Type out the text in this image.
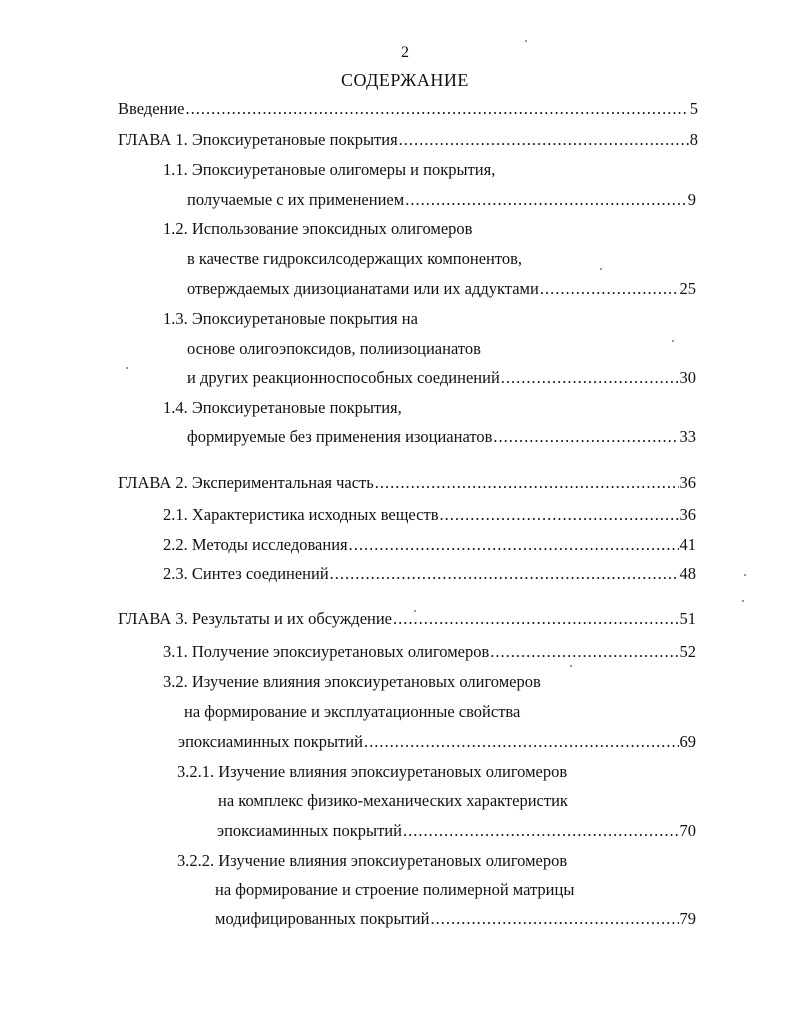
2
СОДЕРЖАНИЕ
Введение .....	5
ГЛАВА 1. Эпоксиуретановые покрытия .....	8
1.1. Эпоксиуретановые олигомеры и покрытия,
получаемые с их применением .....	9
1.2. Использование эпоксидных олигомеров
в качестве гидроксилсодержащих компонентов,
отверждаемых диизоцианатами или их аддуктами .....	25
1.3. Эпоксиуретановые покрытия на
основе олигоэпоксидов, полиизоцианатов
и других реакционноспособных соединений .....	30
1.4. Эпоксиуретановые покрытия,
формируемые без применения изоцианатов .....	33
ГЛАВА 2. Экспериментальная часть .....	36
2.1. Характеристика исходных веществ .....	36
2.2. Методы исследования .....	41
2.3. Синтез соединений .....	48
ГЛАВА 3. Результаты и их обсуждение .....	51
3.1. Получение эпоксиуретановых олигомеров .....	52
3.2. Изучение влияния эпоксиуретановых олигомеров
на формирование и эксплуатационные свойства
эпоксиаминных покрытий .....	69
3.2.1. Изучение влияния эпоксиуретановых олигомеров
на комплекс физико-механических характеристик
эпоксиаминных покрытий .....	70
3.2.2. Изучение влияния эпоксиуретановых олигомеров
на формирование и строение полимерной матрицы
модифицированных покрытий .....	79
